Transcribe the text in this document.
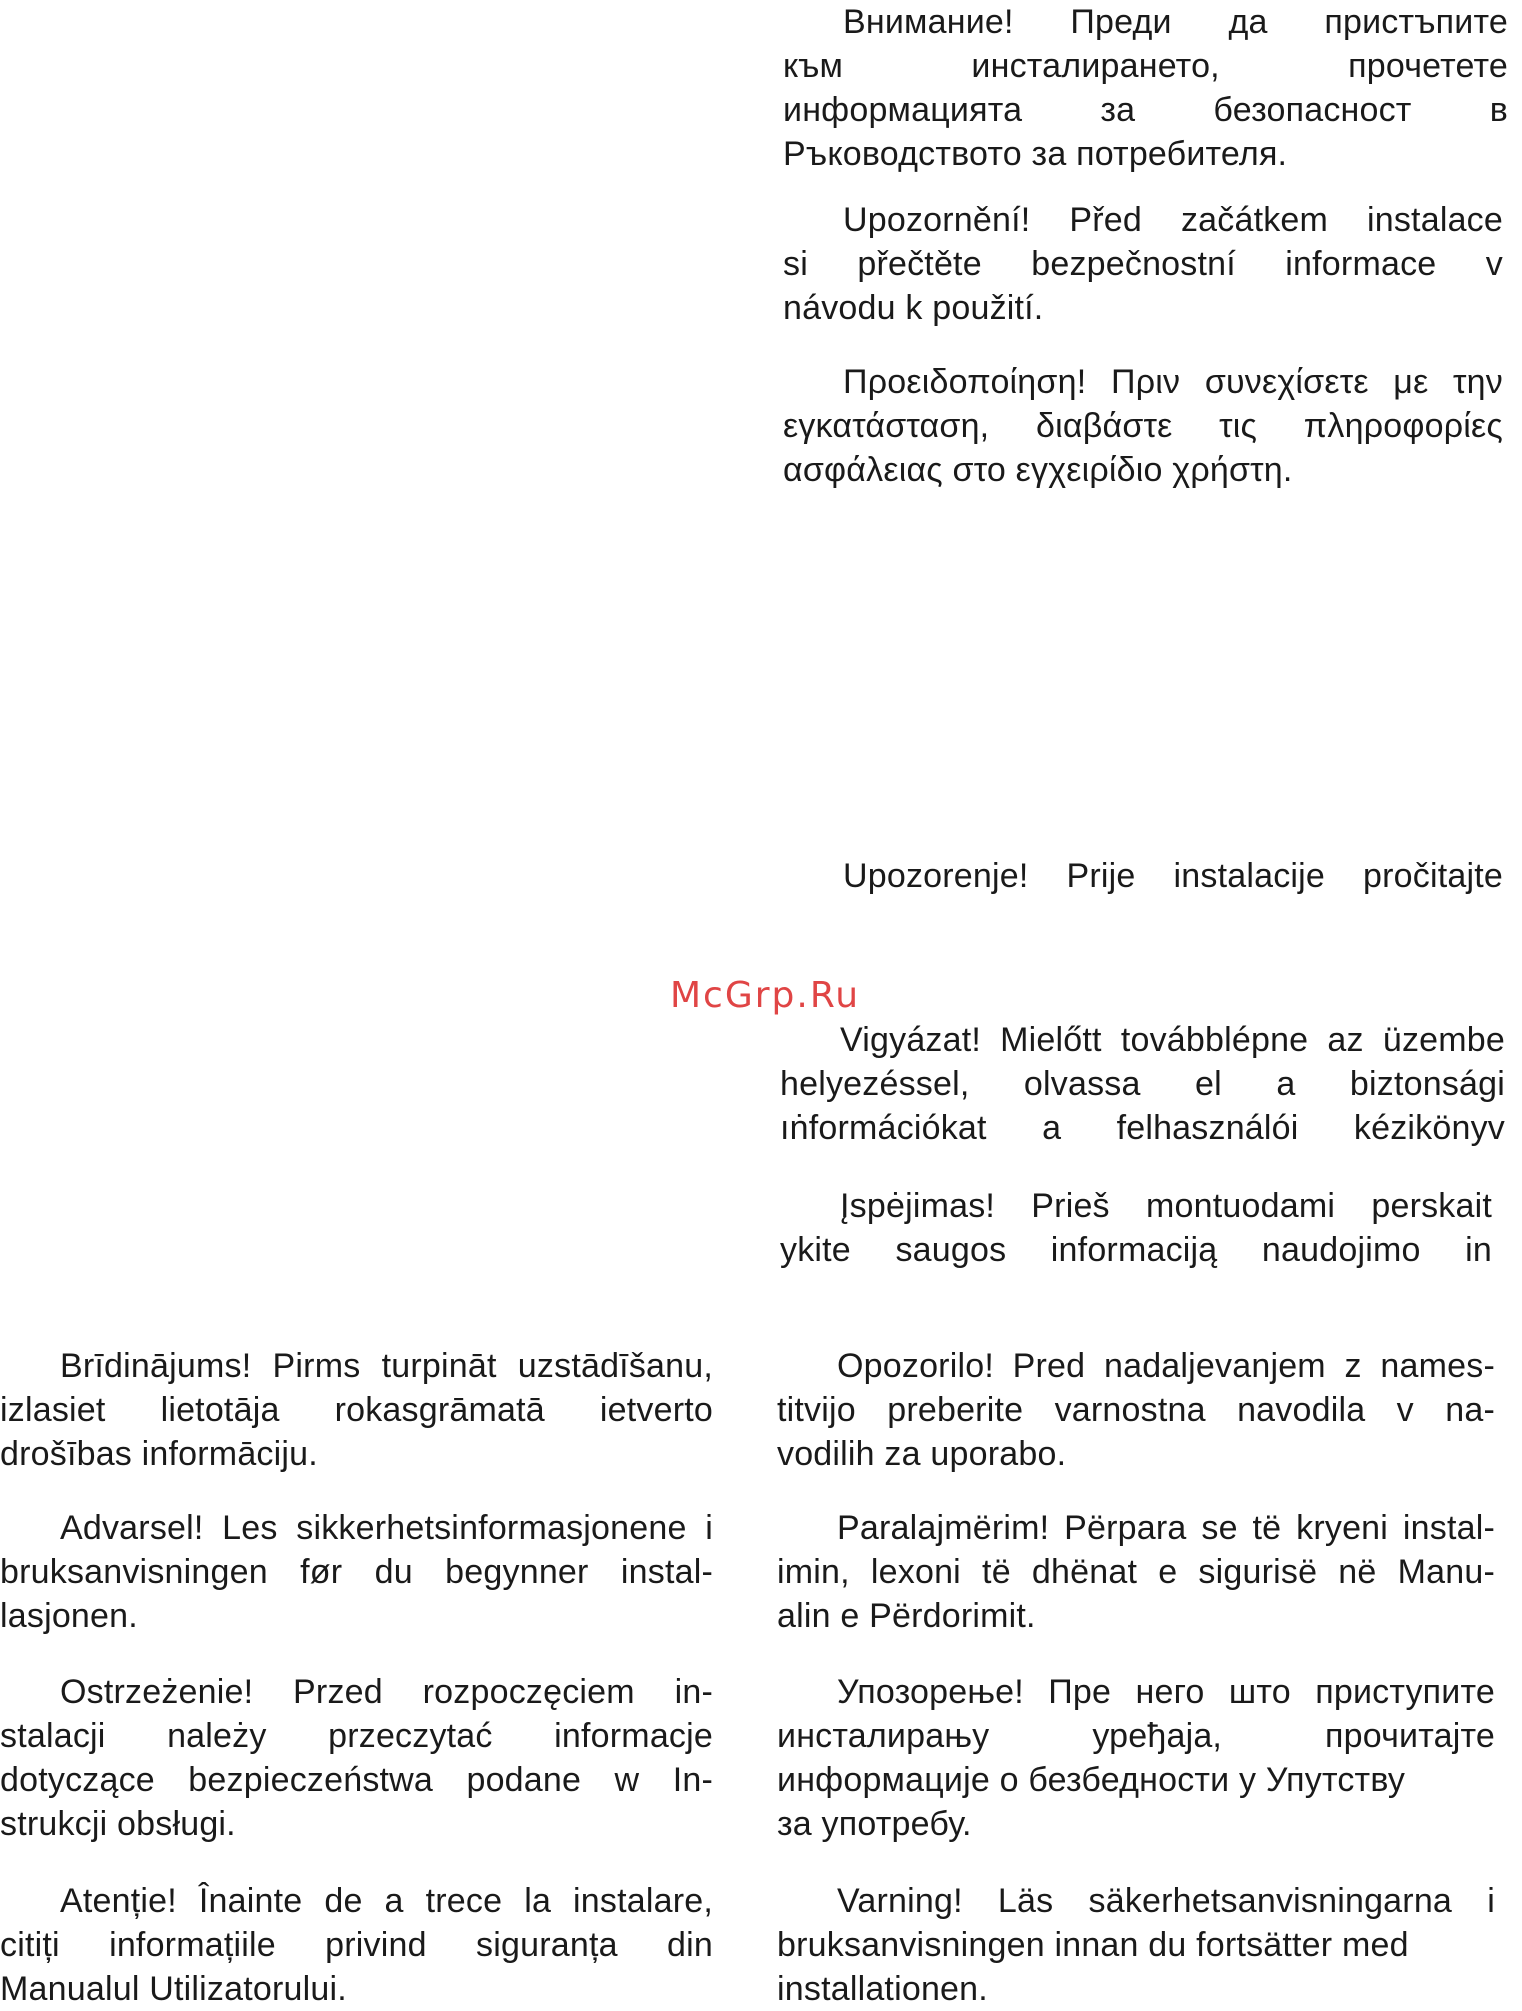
Внимание! Преди да пристъпите
към инсталирането, прочетете
информацията за безопасност в
Ръководството за потребителя.
Upozornění! Před začátkem instalace
si přečtěte bezpečnostní informace v
návodu k použití.
Προειδοποίηση! Πριν συνεχίσετε με την
εγκατάσταση, διαβάστε τις πληροφορίες
ασφάλειας στο εγχειρίδιο χρήστη.
Upozorenje! Prije instalacije pročitajte
McGrp.Ru
Vigyázat! Mielőtt továbblépne az üzembe
helyezéssel, olvassa el a biztonsági
ıṅformációkat a felhasználói kézikönyv
Įspėjimas! Prieš montuodami perskait
ykite saugos informaciją naudojimo in
Brīdinājums! Pirms turpināt uzstādīšanu,
izlasiet lietotāja rokasgrāmatā ietverto
drošības informāciju.
Advarsel! Les sikkerhetsinformasjonene i
bruksanvisningen før du begynner instal-
lasjonen.
Ostrzeżenie! Przed rozpoczęciem in-
stalacji należy przeczytać informacje
dotyczące bezpieczeństwa podane w In-
strukcji obsługi.
Atenție! Înainte de a trece la instalare,
citiți informațiile privind siguranța din
Manualul Utilizatorului.
Opozorilo! Pred nadaljevanjem z names-
titvijo preberite varnostna navodila v na-
vodilih za uporabo.
Paralajmërim! Përpara se të kryeni instal-
imin, lexoni të dhënat e sigurisë në Manu-
alin e Përdorimit.
Упозорење! Пре него што приступите
инсталирању уређаја, прочитајте
информације о безбедности у Упутству
за употребу.
Varning! Läs säkerhetsanvisningarna i
bruksanvisningen innan du fortsätter med
installationen.
